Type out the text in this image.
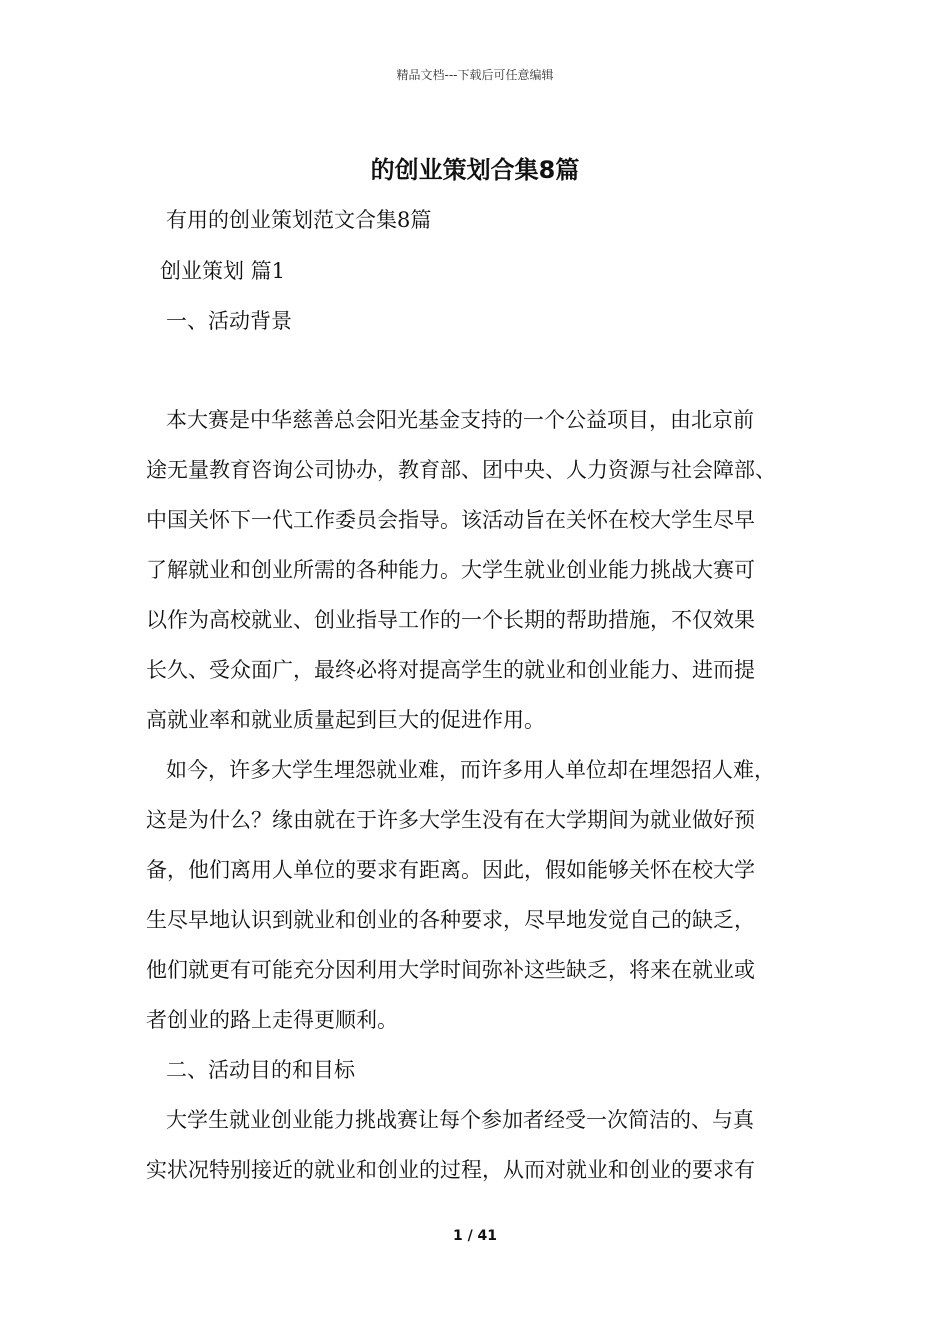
精品文档---下载后可任意编辑
的创业策划合集8篇
有用的创业策划范文合集8篇
创业策划 篇1
一、活动背景
本大赛是中华慈善总会阳光基金支持的一个公益项目，由北京前
途无量教育咨询公司协办，教育部、团中央、人力资源与社会障部、
中国关怀下一代工作委员会指导。该活动旨在关怀在校大学生尽早
了解就业和创业所需的各种能力。大学生就业创业能力挑战大赛可
以作为高校就业、创业指导工作的一个长期的帮助措施，不仅效果
长久、受众面广，最终必将对提高学生的就业和创业能力、进而提
高就业率和就业质量起到巨大的促进作用。
如今，许多大学生埋怨就业难，而许多用人单位却在埋怨招人难，
这是为什么？缘由就在于许多大学生没有在大学期间为就业做好预
备，他们离用人单位的要求有距离。因此，假如能够关怀在校大学
生尽早地认识到就业和创业的各种要求，尽早地发觉自己的缺乏，
他们就更有可能充分因利用大学时间弥补这些缺乏，将来在就业或
者创业的路上走得更顺利。
二、活动目的和目标
大学生就业创业能力挑战赛让每个参加者经受一次简洁的、与真
实状况特别接近的就业和创业的过程，从而对就业和创业的要求有
1 / 41
